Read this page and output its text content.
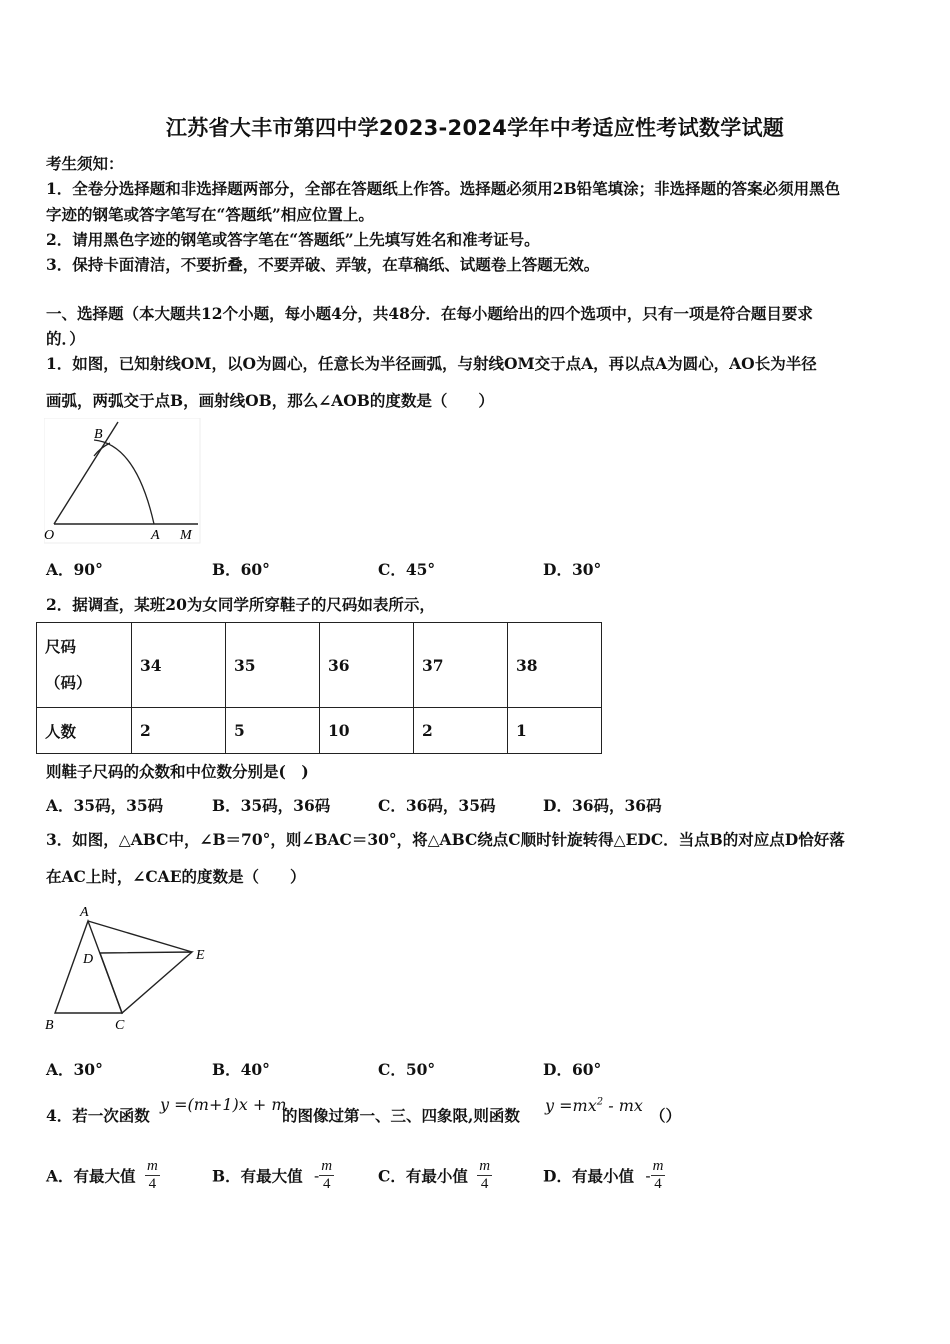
江苏省大丰市第四中学2023-2024学年中考适应性考试数学试题
考生须知：
1．全卷分选择题和非选择题两部分，全部在答题纸上作答。选择题必须用2B铅笔填涂；非选择题的答案必须用黑色
字迹的钢笔或答字笔写在“答题纸”相应位置上。
2．请用黑色字迹的钢笔或答字笔在“答题纸”上先填写姓名和准考证号。
3．保持卡面清洁，不要折叠，不要弄破、弄皱，在草稿纸、试题卷上答题无效。
一、选择题（本大题共12个小题，每小题4分，共48分．在每小题给出的四个选项中，只有一项是符合题目要求
的．）
1．如图，已知射线OM，以O为圆心，任意长为半径画弧，与射线OM交于点A，再以点A为圆心，AO长为半径
画弧，两弧交于点B，画射线OB，那么∠AOB的度数是（　　）
B
O	A M
A．90°	B．60°	C．45°	D．30°
2．据调查，某班20为女同学所穿鞋子的尺码如表所示，
尺码
（码）	34	35	36	37	38
人数	2	5	10	2	1
则鞋子尺码的众数和中位数分别是(　)
A．35码，35码	B．35码，36码	C．36码，35码	D．36码，36码
3．如图，△ABC中，∠B＝70°，则∠BAC＝30°，将△ABC绕点C顺时针旋转得△EDC．当点B的对应点D恰好落
在AC上时，∠CAE的度数是（　　）
A
D	E
B	C
A．30°	B．40°	C．50°	D．60°
4．若一次函数
y =(m+1)x + m
的图像过第一、三、四象限,则函数
$y =mx^2$ - mx
（）
A．有最大值 $\frac{m}{4}$	B．有最大值 - $\frac{m}{4}$	C．有最小值 $\frac{m}{4}$	D．有最小值 - $\frac{m}{4}$
